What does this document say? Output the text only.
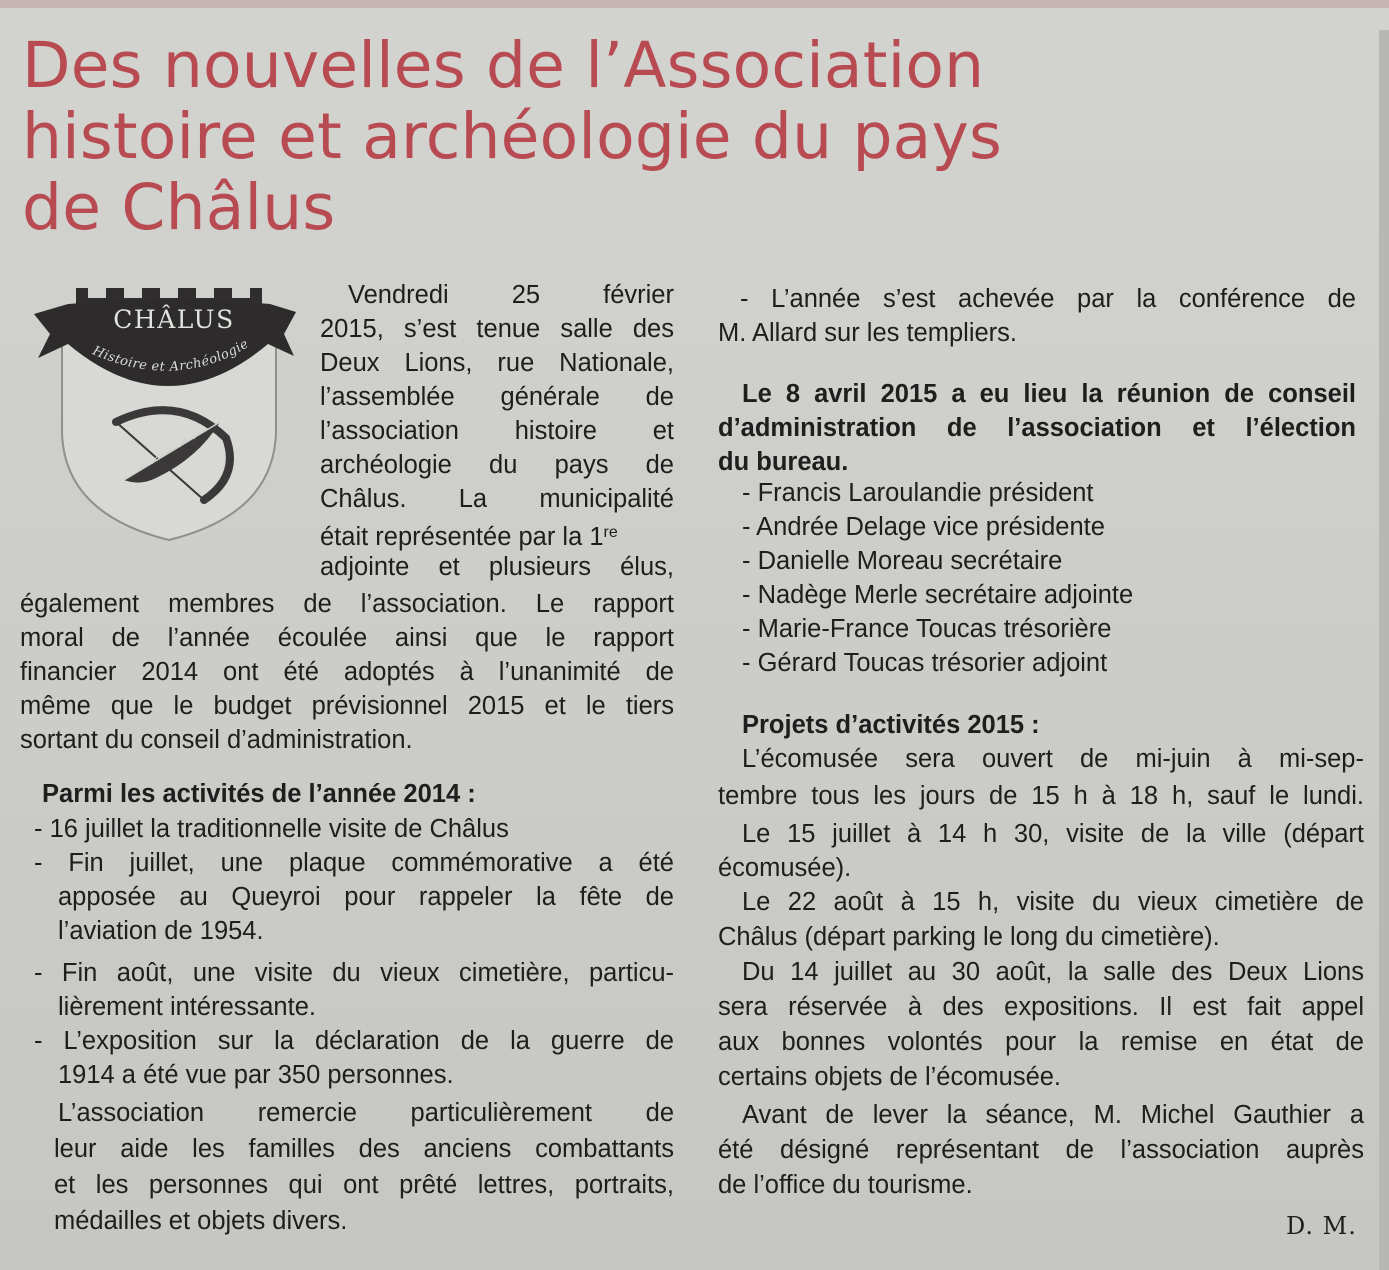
Des nouvelles de l’Association
histoire et archéologie du pays
de Châlus
CHÂLUS
Histoire et Archéologie
Vendredi 25 février
2015, s’est tenue salle des
Deux Lions, rue Nationale,
l’assemblée générale de
l’association histoire et
archéologie du pays de
Châlus. La municipalité
était représentée par la 1re
adjointe et plusieurs élus,
également membres de l’association. Le rapport
moral de l’année écoulée ainsi que le rapport
financier 2014 ont été adoptés à l’unanimité de
même que le budget prévisionnel 2015 et le tiers
sortant du conseil d’administration.
Parmi les activités de l’année 2014 :
- 16 juillet la traditionnelle visite de Châlus
- Fin juillet, une plaque commémorative a été
apposée au Queyroi pour rappeler la fête de
l’aviation de 1954.
- Fin août, une visite du vieux cimetière, particu-
lièrement intéressante.
- L’exposition sur la déclaration de la guerre de
1914 a été vue par 350 personnes.
L’association remercie particulièrement de
leur aide les familles des anciens combattants
et les personnes qui ont prêté lettres, portraits,
médailles et objets divers.
- L’année s’est achevée par la conférence de
M. Allard sur les templiers.
Le 8 avril 2015 a eu lieu la réunion de conseil
d’administration de l’association et l’élection
du bureau.
- Francis Laroulandie président
- Andrée Delage vice présidente
- Danielle Moreau secrétaire
- Nadège Merle secrétaire adjointe
- Marie-France Toucas trésorière
- Gérard Toucas trésorier adjoint
Projets d’activités 2015 :
L’écomusée sera ouvert de mi-juin à mi-sep-
tembre tous les jours de 15 h à 18 h, sauf le lundi.
Le 15 juillet à 14 h 30, visite de la ville (départ
écomusée).
Le 22 août à 15 h, visite du vieux cimetière de
Châlus (départ parking le long du cimetière).
Du 14 juillet au 30 août, la salle des Deux Lions
sera réservée à des expositions. Il est fait appel
aux bonnes volontés pour la remise en état de
certains objets de l’écomusée.
Avant de lever la séance, M. Michel Gauthier a
été désigné représentant de l’association auprès
de l’office du tourisme.
D. M.
